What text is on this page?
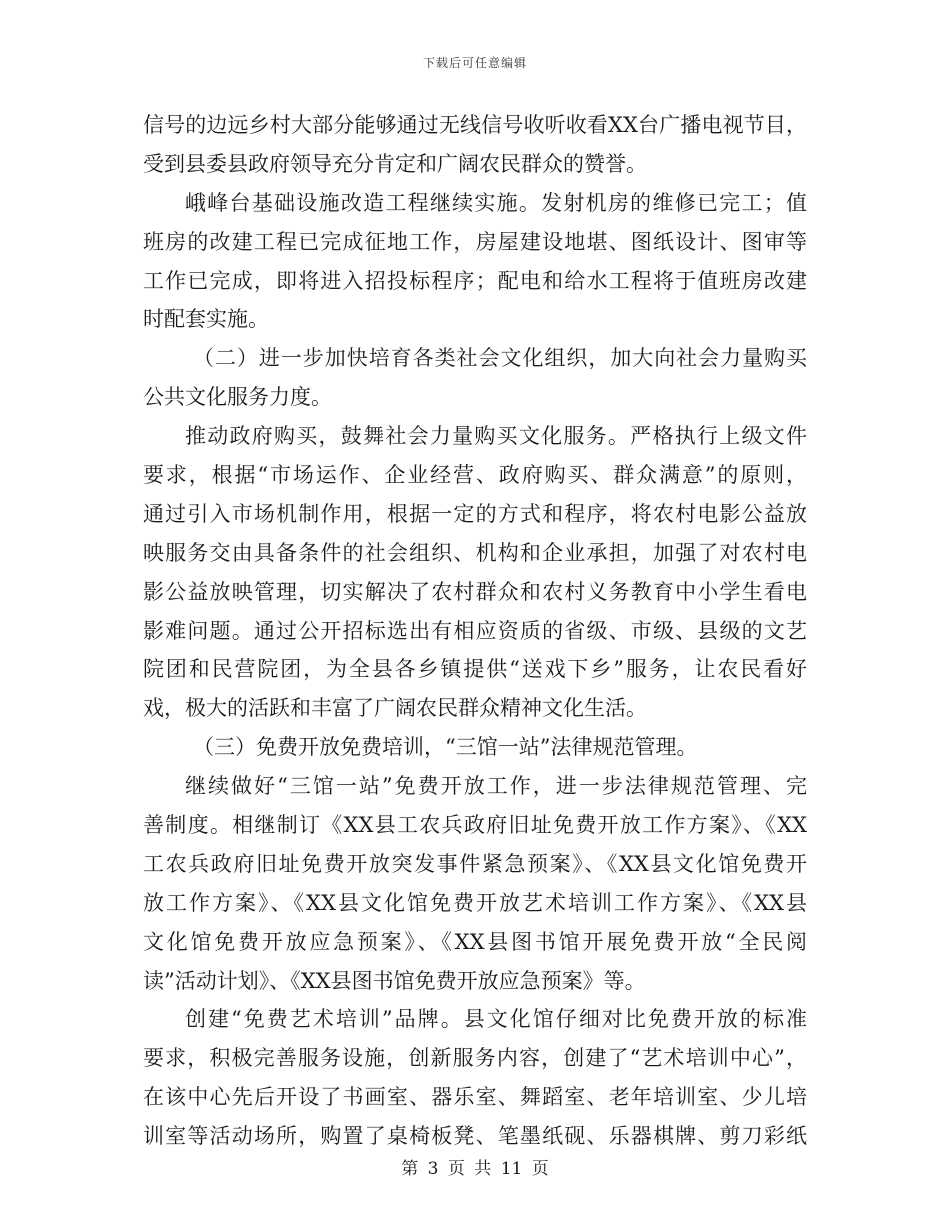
下载后可任意编辑
信号的边远乡村大部分能够通过无线信号收听收看XX台广播电视节目，
受到县委县政府领导充分肯定和广阔农民群众的赞誉。
峨峰台基础设施改造工程继续实施。发射机房的维修已完工；值
班房的改建工程已完成征地工作，房屋建设地堪、图纸设计、图审等
工作已完成，即将进入招投标程序；配电和给水工程将于值班房改建
时配套实施。
（二）进一步加快培育各类社会文化组织，加大向社会力量购买
公共文化服务力度。
推动政府购买，鼓舞社会力量购买文化服务。严格执行上级文件
要求，根据“市场运作、企业经营、政府购买、群众满意”的原则，
通过引入市场机制作用，根据一定的方式和程序，将农村电影公益放
映服务交由具备条件的社会组织、机构和企业承担，加强了对农村电
影公益放映管理，切实解决了农村群众和农村义务教育中小学生看电
影难问题。通过公开招标选出有相应资质的省级、市级、县级的文艺
院团和民营院团，为全县各乡镇提供“送戏下乡”服务，让农民看好
戏，极大的活跃和丰富了广阔农民群众精神文化生活。
（三）免费开放免费培训，“三馆一站”法律规范管理。
继续做好“三馆一站”免费开放工作，进一步法律规范管理、完
善制度。相继制订《XX县工农兵政府旧址免费开放工作方案》、《XX
工农兵政府旧址免费开放突发事件紧急预案》、《XX县文化馆免费开
放工作方案》、《XX县文化馆免费开放艺术培训工作方案》、《XX县
文化馆免费开放应急预案》、《XX县图书馆开展免费开放“全民阅
读”活动计划》、《XX县图书馆免费开放应急预案》等。
创建“免费艺术培训”品牌。县文化馆仔细对比免费开放的标准
要求，积极完善服务设施，创新服务内容，创建了“艺术培训中心”，
在该中心先后开设了书画室、器乐室、舞蹈室、老年培训室、少儿培
训室等活动场所，购置了桌椅板凳、笔墨纸砚、乐器棋牌、剪刀彩纸
第 3 页 共 11 页
